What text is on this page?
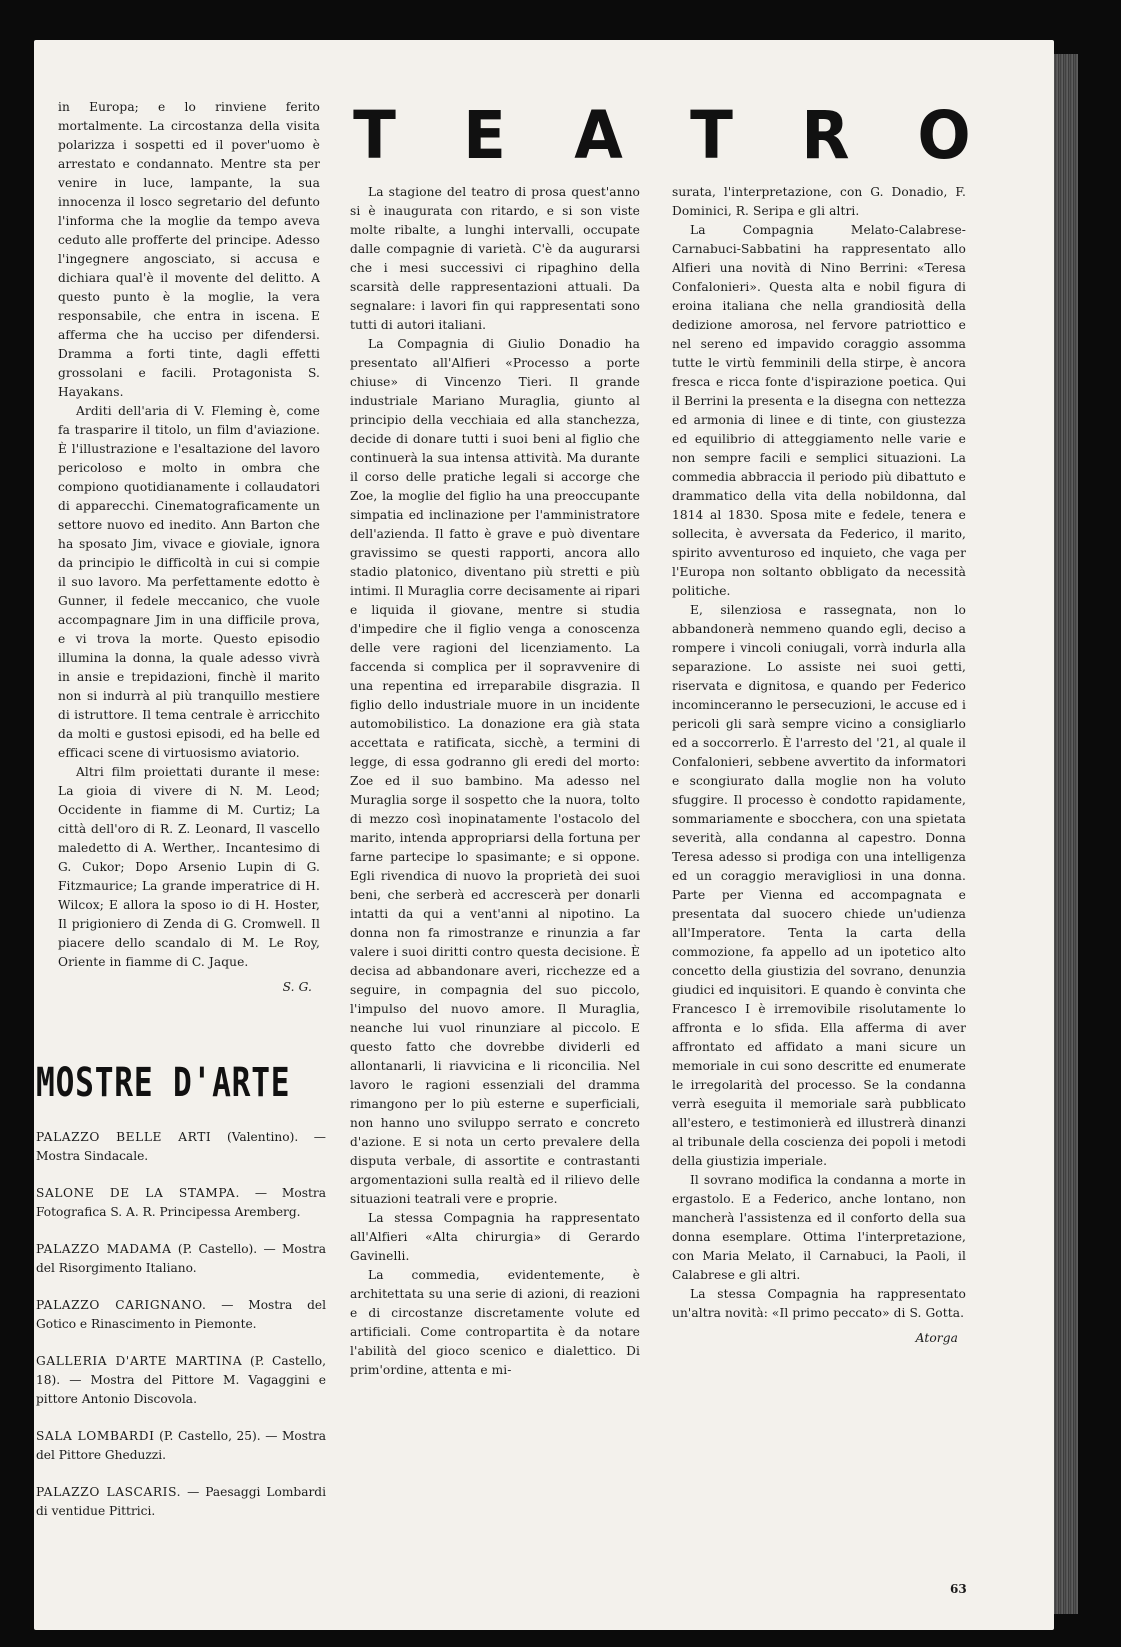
in Europa; e lo rinviene ferito mortalmente. La circostanza della visita polarizza i sospetti ed il pover'uomo è arrestato e condannato. Mentre sta per venire in luce, lampante, la sua innocenza il losco segretario del defunto l'informa che la moglie da tempo aveva ceduto alle profferte del principe. Adesso l'ingegnere angosciato, si accusa e dichiara qual'è il movente del delitto. A questo punto è la moglie, la vera responsabile, che entra in iscena. E afferma che ha ucciso per difendersi. Dramma a forti tinte, dagli effetti grossolani e facili. Protagonista S. Hayakans.

Arditi dell'aria di V. Fleming è, come fa trasparire il titolo, un film d'aviazione. È l'illustrazione e l'esaltazione del lavoro pericoloso e molto in ombra che compiono quotidianamente i collaudatori di apparecchi. Cinematograficamente un settore nuovo ed inedito. Ann Barton che ha sposato Jim, vivace e gioviale, ignora da principio le difficoltà in cui si compie il suo lavoro. Ma perfettamente edotto è Gunner, il fedele meccanico, che vuole accompagnare Jim in una difficile prova, e vi trova la morte. Questo episodio illumina la donna, la quale adesso vivrà in ansie e trepidazioni, finchè il marito non si indurrà al più tranquillo mestiere di istruttore. Il tema centrale è arricchito da molti e gustosi episodi, ed ha belle ed efficaci scene di virtuosismo aviatorio.

Altri film proiettati durante il mese: La gioia di vivere di N. M. Leod; Occidente in fiamme di M. Curtiz; La città dell'oro di R. Z. Leonard, Il vascello maledetto di A. Werther,. Incantesimo di G. Cukor; Dopo Arsenio Lupin di G. Fitzmaurice; La grande imperatrice di H. Wilcox; E allora la sposo io di H. Hoster, Il prigioniero di Zenda di G. Cromwell. Il piacere dello scandalo di M. Le Roy, Oriente in fiamme di C. Jaque.

S. G.
MOSTRE D'ARTE
PALAZZO BELLE ARTI (Valentino). — Mostra Sindacale.
SALONE DE LA STAMPA. — Mostra Fotografica S. A. R. Principessa Aremberg.
PALAZZO MADAMA (P. Castello). — Mostra del Risorgimento Italiano.
PALAZZO CARIGNANO. — Mostra del Gotico e Rinascimento in Piemonte.
GALLERIA D'ARTE MARTINA (P. Castello, 18). — Mostra del Pittore M. Vagaggini e pittore Antonio Discovola.
SALA LOMBARDI (P. Castello, 25). — Mostra del Pittore Gheduzzi.
PALAZZO LASCARIS. — Paesaggi Lombardi di ventidue Pittrici.
T E A T R O

La stagione del teatro di prosa quest'anno si è inaugurata con ritardo, e si son viste molte ribalte, a lunghi intervalli, occupate dalle compagnie di varietà. C'è da augurarsi che i mesi successivi ci ripaghino della scarsità delle rappresentazioni attuali. Da segnalare: i lavori fin qui rappresentati sono tutti di autori italiani.

La Compagnia di Giulio Donadio ha presentato all'Alfieri «Processo a porte chiuse» di Vincenzo Tieri. Il grande industriale Mariano Muraglia, giunto al principio della vecchiaia ed alla stanchezza, decide di donare tutti i suoi beni al figlio che continuerà la sua intensa attività. Ma durante il corso delle pratiche legali si accorge che Zoe, la moglie del figlio ha una preoccupante simpatia ed inclinazione per l'amministratore dell'azienda. Il fatto è grave e può diventare gravissimo se questi rapporti, ancora allo stadio platonico, diventano più stretti e più intimi. Il Muraglia corre decisamente ai ripari e liquida il giovane, mentre si studia d'impedire che il figlio venga a conoscenza delle vere ragioni del licenziamento. La faccenda si complica per il sopravvenire di una repentina ed irreparabile disgrazia. Il figlio dello industriale muore in un incidente automobilistico. La donazione era già stata accettata e ratificata, sicchè, a termini di legge, di essa godranno gli eredi del morto: Zoe ed il suo bambino. Ma adesso nel Muraglia sorge il sospetto che la nuora, tolto di mezzo così inopinatamente l'ostacolo del marito, intenda appropriarsi della fortuna per farne partecipe lo spasimante; e si oppone. Egli rivendica di nuovo la proprietà dei suoi beni, che serberà ed accrescerà per donarli intatti da qui a vent'anni al nipotino. La donna non fa rimostranze e rinunzia a far valere i suoi diritti contro questa decisione. È decisa ad abbandonare averi, ricchezze ed a seguire, in compagnia del suo piccolo, l'impulso del nuovo amore. Il Muraglia, neanche lui vuol rinunziare al piccolo. E questo fatto che dovrebbe dividerli ed allontanarli, li riavvicina e li riconcilia. Nel lavoro le ragioni essenziali del dramma rimangono per lo più esterne e superficiali, non hanno uno sviluppo serrato e concreto d'azione. E si nota un certo prevalere della disputa verbale, di assortite e contrastanti argomentazioni sulla realtà ed il rilievo delle situazioni teatrali vere e proprie.

La stessa Compagnia ha rappresentato all'Alfieri «Alta chirurgia» di Gerardo Gavinelli.

La commedia, evidentemente, è architettata su una serie di azioni, di reazioni e di circostanze discretamente volute ed artificiali. Come contropartita è da notare l'abilità del gioco scenico e dialettico. Di prim'ordine, attenta e mi-

surata, l'interpretazione, con G. Donadio, F. Dominici, R. Seripa e gli altri.

La Compagnia Melato-Calabrese-Carnabuci-Sabbatini ha rappresentato allo Alfieri una novità di Nino Berrini: «Teresa Confalonieri». Questa alta e nobil figura di eroina italiana che nella grandiosità della dedizione amorosa, nel fervore patriottico e nel sereno ed impavido coraggio assomma tutte le virtù femminili della stirpe, è ancora fresca e ricca fonte d'ispirazione poetica. Qui il Berrini la presenta e la disegna con nettezza ed armonia di linee e di tinte, con giustezza ed equilibrio di atteggiamento nelle varie e non sempre facili e semplici situazioni. La commedia abbraccia il periodo più dibattuto e drammatico della vita della nobildonna, dal 1814 al 1830. Sposa mite e fedele, tenera e sollecita, è avversata da Federico, il marito, spirito avventuroso ed inquieto, che vaga per l'Europa non soltanto obbligato da necessità politiche.

E, silenziosa e rassegnata, non lo abbandonerà nemmeno quando egli, deciso a rompere i vincoli coniugali, vorrà indurla alla separazione. Lo assiste nei suoi getti, riservata e dignitosa, e quando per Federico incominceranno le persecuzioni, le accuse ed i pericoli gli sarà sempre vicino a consigliarlo ed a soccorrerlo. È l'arresto del '21, al quale il Confalonieri, sebbene avvertito da informatori e scongiurato dalla moglie non ha voluto sfuggire. Il processo è condotto rapidamente, sommariamente e sbocchera, con una spietata severità, alla condanna al capestro. Donna Teresa adesso si prodiga con una intelligenza ed un coraggio meravigliosi in una donna. Parte per Vienna ed accompagnata e presentata dal suocero chiede un'udienza all'Imperatore. Tenta la carta della commozione, fa appello ad un ipotetico alto concetto della giustizia del sovrano, denunzia giudici ed inquisitori. E quando è convinta che Francesco I è irremovibile risolutamente lo affronta e lo sfida. Ella afferma di aver affrontato ed affidato a mani sicure un memoriale in cui sono descritte ed enumerate le irregolarità del processo. Se la condanna verrà eseguita il memoriale sarà pubblicato all'estero, e testimonierà ed illustrerà dinanzi al tribunale della coscienza dei popoli i metodi della giustizia imperiale.

Il sovrano modifica la condanna a morte in ergastolo. E a Federico, anche lontano, non mancherà l'assistenza ed il conforto della sua donna esemplare. Ottima l'interpretazione, con Maria Melato, il Carnabuci, la Paoli, il Calabrese e gli altri.

La stessa Compagnia ha rappresentato un'altra novità: «Il primo peccato» di S. Gotta.

Atorga
63
